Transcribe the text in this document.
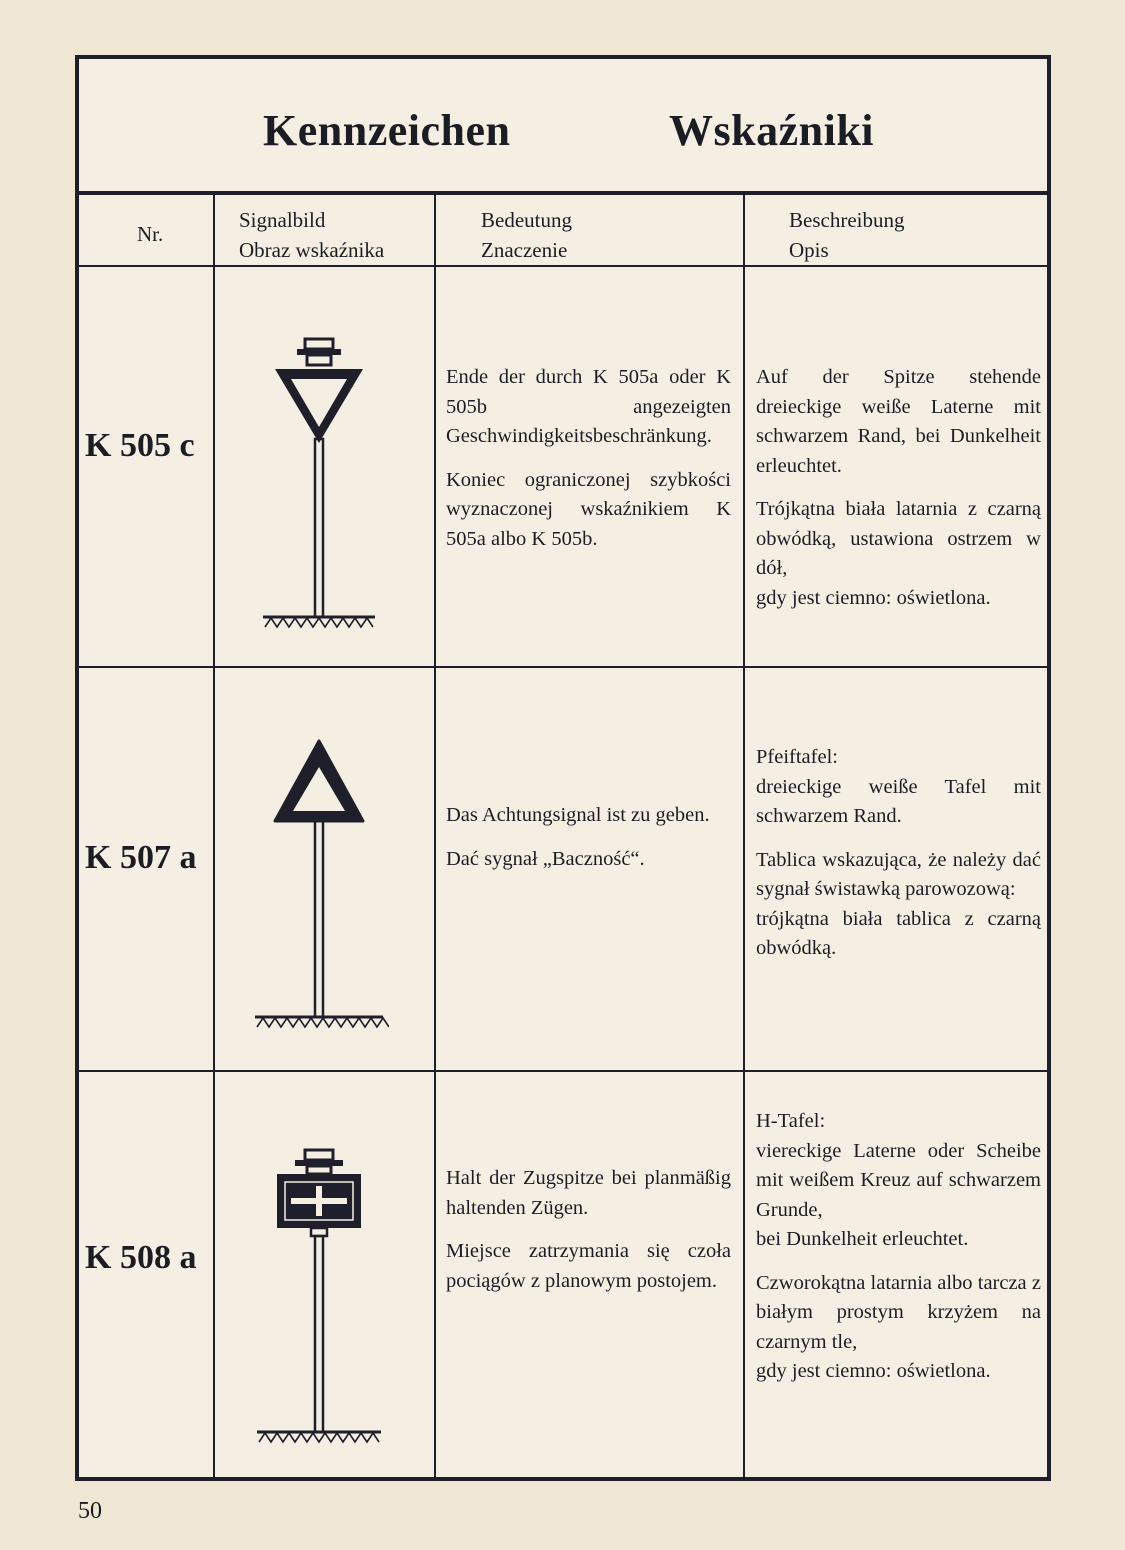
Kennzeichen	Wskaźniki
Nr.
Signalbild
Obraz wskaźnika
Bedeutung
Znaczenie
Beschreibung
Opis
K 505 c

Ende der durch K 505a oder K 505b angezeigten Geschwindigkeitsbeschränkung.

Koniec ograniczonej szybkości wyznaczonej wskaźnikiem K 505a albo K 505b.

Auf der Spitze stehende dreieckige weiße Laterne mit schwarzem Rand, bei Dunkelheit erleuchtet.

Trójkątna biała latarnia z czarną obwódką, ustawiona ostrzem w dół,

gdy jest ciemno: oświetlona.

K 507 a

Das Achtungsignal ist zu geben.

Dać sygnał „Baczność“.

Pfeiftafel:

dreieckige weiße Tafel mit schwarzem Rand.

Tablica wskazująca, że należy dać sygnał świstawką parowozową:

trójkątna biała tablica z czarną obwódką.

K 508 a

Halt der Zugspitze bei planmäßig haltenden Zügen.

Miejsce zatrzymania się czoła pociągów z planowym postojem.

H-Tafel:

viereckige Laterne oder Scheibe mit weißem Kreuz auf schwarzem Grunde,

bei Dunkelheit erleuchtet.

Czworokątna latarnia albo tarcza z białym prostym krzyżem na czarnym tle,

gdy jest ciemno: oświetlona.

50
